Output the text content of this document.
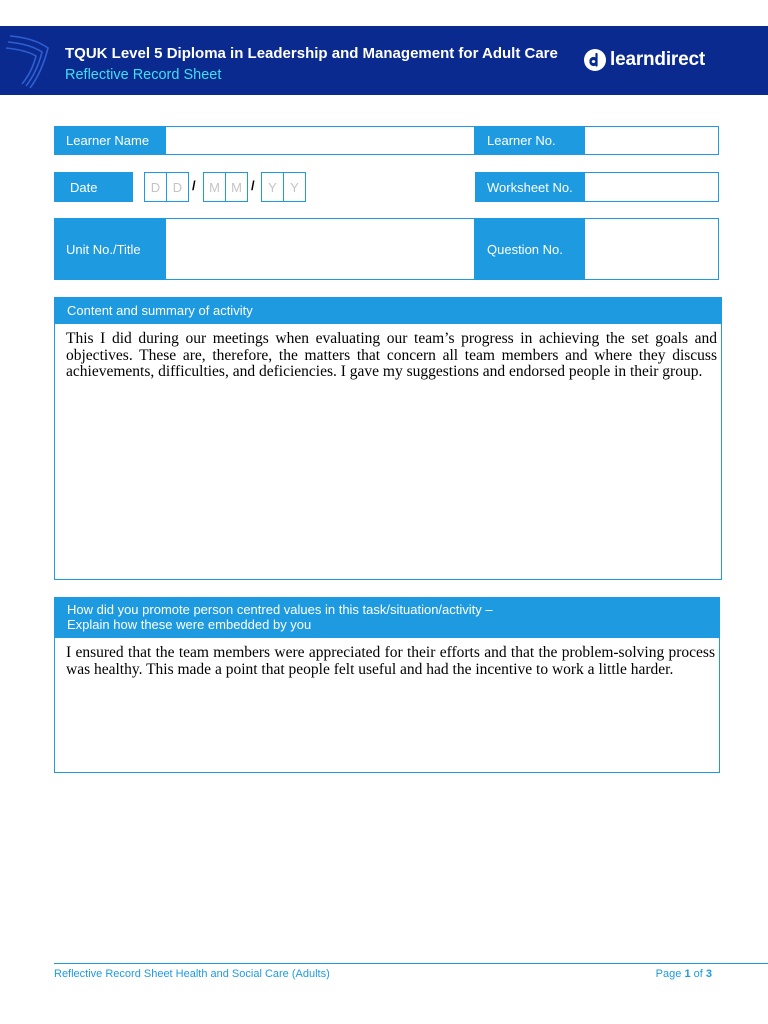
TQUK Level 5 Diploma in Leadership and Management for Adult Care
Reflective Record Sheet
learndirect
Learner Name	Learner No.
Date	D D /	M M /	Y	Y	Worksheet No.
Unit No./Title	Question No.
Content and summary of activity
This I did during our meetings when evaluating our team’s progress in achieving the set goals and objectives. These are, therefore, the matters that concern all team members and where they discuss achievements, difficulties, and deficiencies. I gave my suggestions and endorsed people in their group.
How did you promote person centred values in this task/situation/activity –
Explain how these were embedded by you
I ensured that the team members were appreciated for their efforts and that the problem-solving process was healthy. This made a point that people felt useful and had the incentive to work a little harder.
Reflective Record Sheet Health and Social Care (Adults)	Page 1 of 3
